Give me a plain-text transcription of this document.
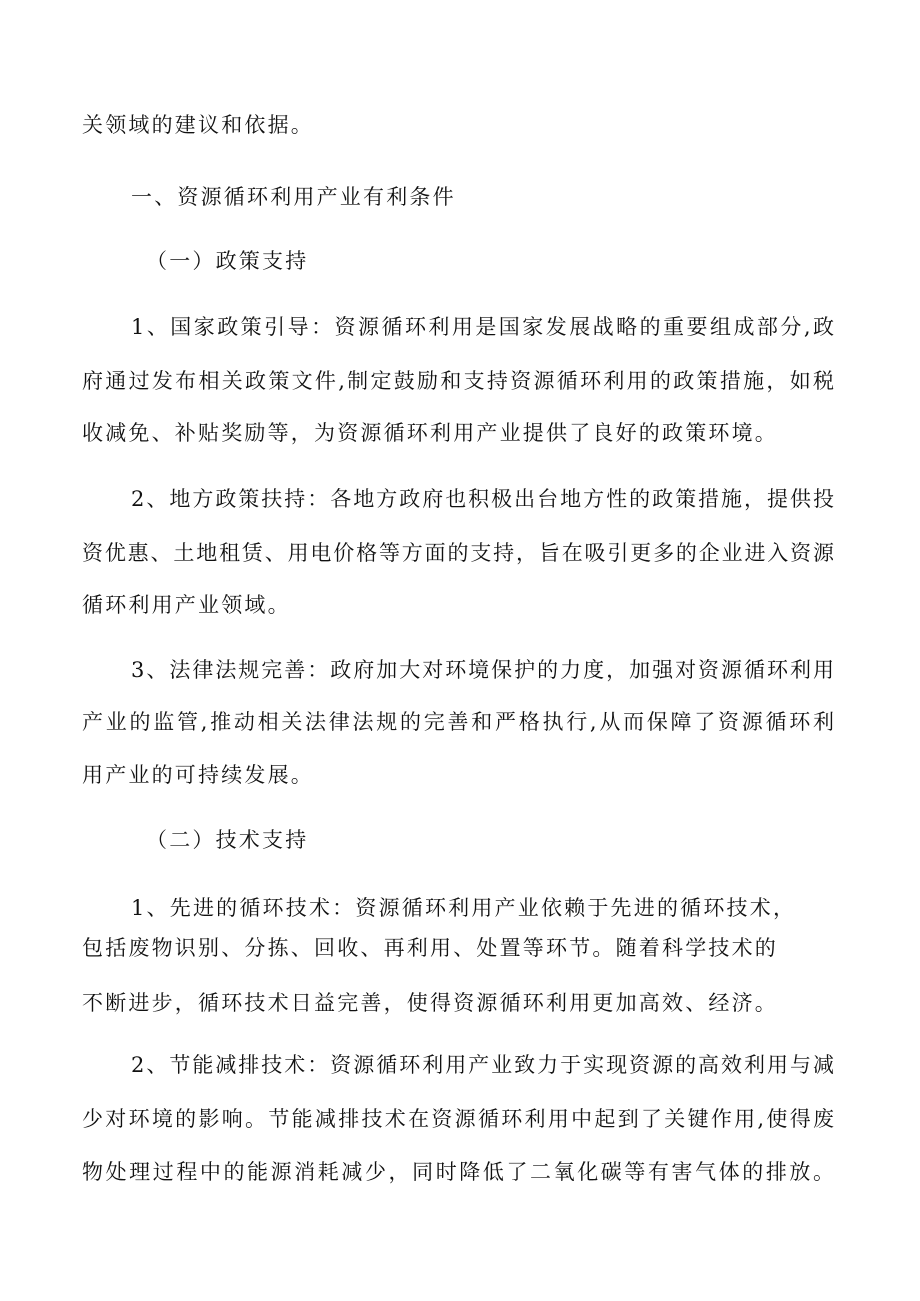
关领域的建议和依据。
一、资源循环利用产业有利条件
（一）政策支持
1、国家政策引导：资源循环利用是国家发展战略的重要组成部分,政
府通过发布相关政策文件,制定鼓励和支持资源循环利用的政策措施，如税
收减免、补贴奖励等，为资源循环利用产业提供了良好的政策环境。
2、地方政策扶持：各地方政府也积极出台地方性的政策措施，提供投
资优惠、土地租赁、用电价格等方面的支持，旨在吸引更多的企业进入资源
循环利用产业领域。
3、法律法规完善：政府加大对环境保护的力度，加强对资源循环利用
产业的监管,推动相关法律法规的完善和严格执行,从而保障了资源循环利
用产业的可持续发展。
（二）技术支持
1、先进的循环技术：资源循环利用产业依赖于先进的循环技术，
包括废物识别、分拣、回收、再利用、处置等环节。随着科学技术的
不断进步，循环技术日益完善，使得资源循环利用更加高效、经济。
2、节能减排技术：资源循环利用产业致力于实现资源的高效利用与减
少对环境的影响。节能减排技术在资源循环利用中起到了关键作用,使得废
物处理过程中的能源消耗减少，同时降低了二氧化碳等有害气体的排放。
